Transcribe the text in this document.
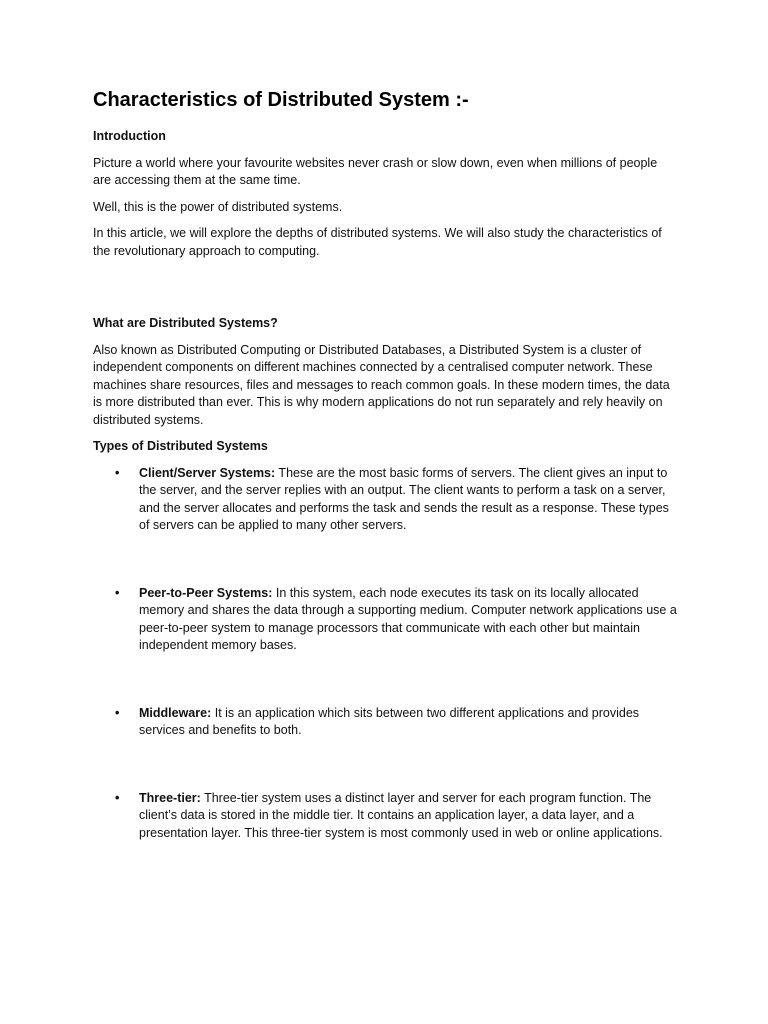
Characteristics of Distributed System :-
Introduction
Picture a world where your favourite websites never crash or slow down, even when millions of people are accessing them at the same time.
Well, this is the power of distributed systems.
In this article, we will explore the depths of distributed systems. We will also study the characteristics of the revolutionary approach to computing.
What are Distributed Systems?
Also known as Distributed Computing or Distributed Databases, a Distributed System is a cluster of independent components on different machines connected by a centralised computer network. These machines share resources, files and messages to reach common goals. In these modern times, the data is more distributed than ever. This is why modern applications do not run separately and rely heavily on distributed systems.
Types of Distributed Systems
• Client/Server Systems: These are the most basic forms of servers. The client gives an input to the server, and the server replies with an output. The client wants to perform a task on a server, and the server allocates and performs the task and sends the result as a response. These types of servers can be applied to many other servers.
• Peer-to-Peer Systems: In this system, each node executes its task on its locally allocated memory and shares the data through a supporting medium. Computer network applications use a peer-to-peer system to manage processors that communicate with each other but maintain independent memory bases.
• Middleware: It is an application which sits between two different applications and provides services and benefits to both.
• Three-tier: Three-tier system uses a distinct layer and server for each program function. The client’s data is stored in the middle tier. It contains an application layer, a data layer, and a presentation layer. This three-tier system is most commonly used in web or online applications.
